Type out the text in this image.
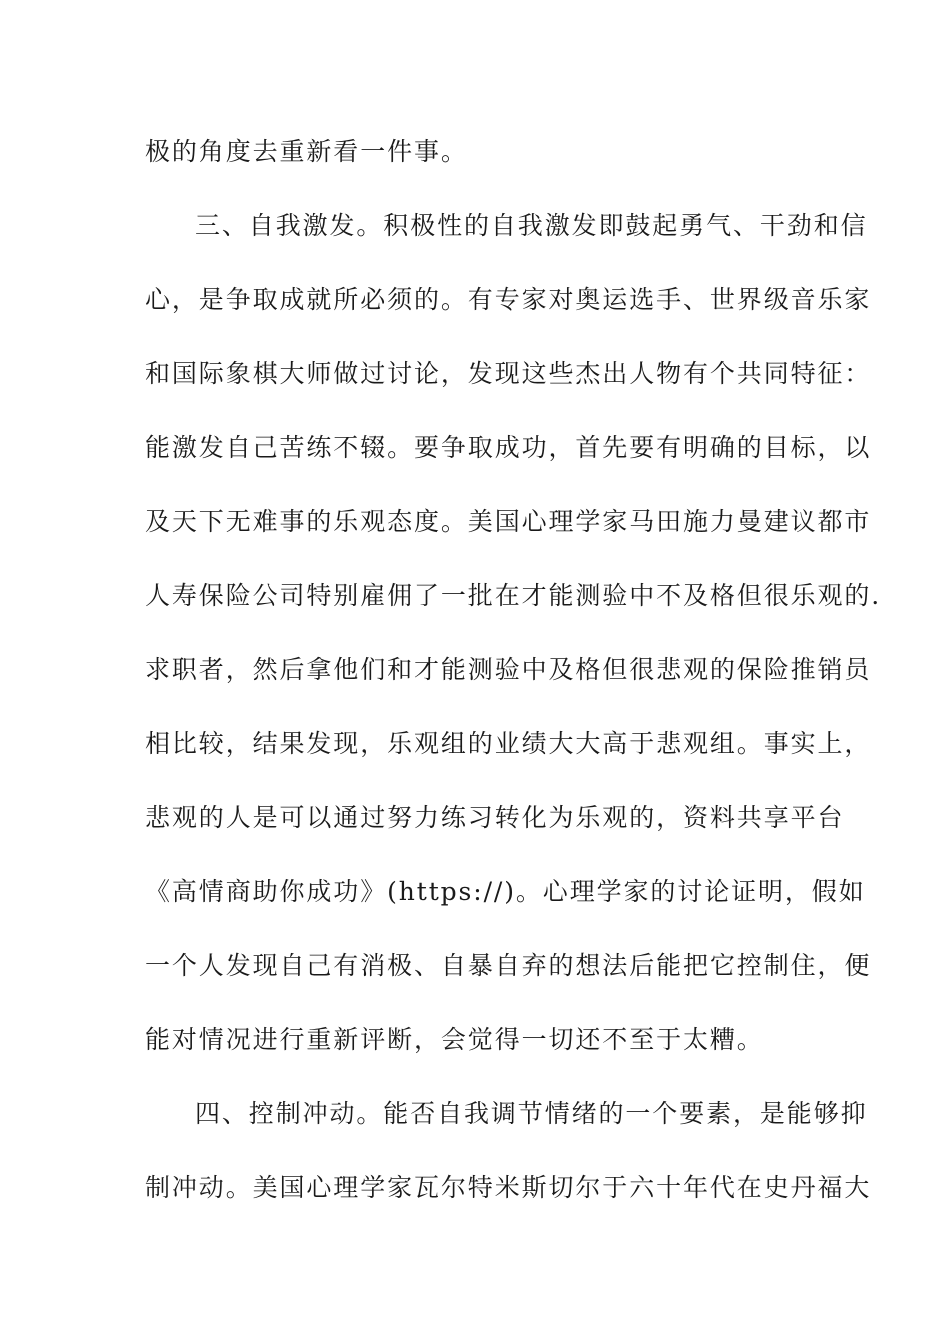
极的角度去重新看一件事。
三、自我激发。积极性的自我激发即鼓起勇气、干劲和信
心，是争取成就所必须的。有专家对奥运选手、世界级音乐家
和国际象棋大师做过讨论，发现这些杰出人物有个共同特征：
能激发自己苦练不辍。要争取成功，首先要有明确的目标，以
及天下无难事的乐观态度。美国心理学家马田施力曼建议都市
人寿保险公司特别雇佣了一批在才能测验中不及格但很乐观的.
求职者，然后拿他们和才能测验中及格但很悲观的保险推销员
相比较，结果发现，乐观组的业绩大大高于悲观组。事实上，
悲观的人是可以通过努力练习转化为乐观的，资料共享平台
《高情商助你成功》(https://)。心理学家的讨论证明，假如
一个人发现自己有消极、自暴自弃的想法后能把它控制住，便
能对情况进行重新评断，会觉得一切还不至于太糟。
四、控制冲动。能否自我调节情绪的一个要素，是能够抑
制冲动。美国心理学家瓦尔特米斯切尔于六十年代在史丹福大
